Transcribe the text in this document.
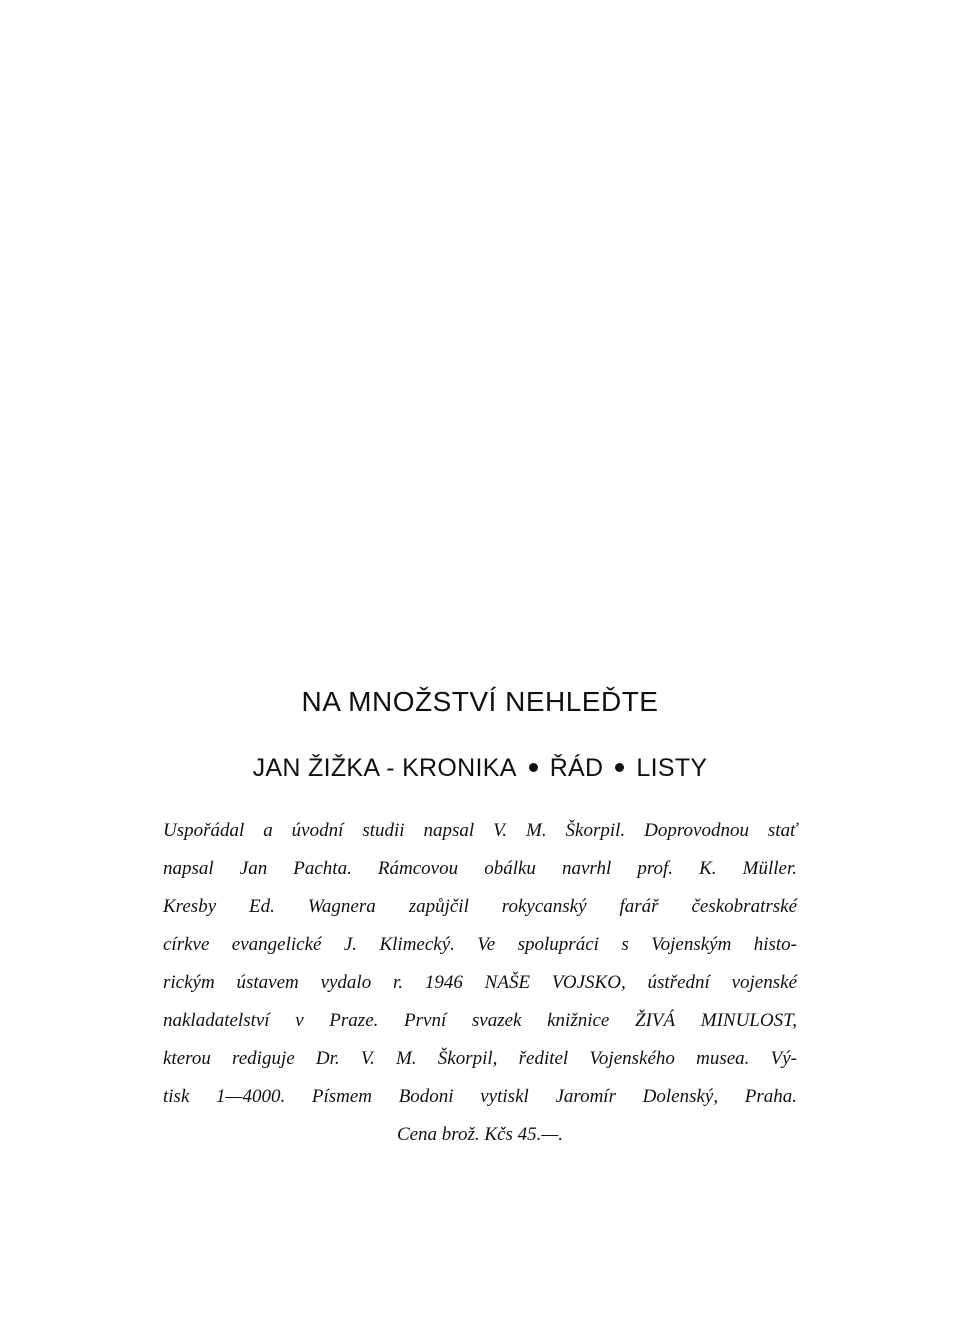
NA MNOŽSTVÍ NEHLEĎTE
JAN ŽIŽKA - KRONIKA ŘÁD LISTY
Uspořádal a úvodní studii napsal V. M. Škorpil. Doprovodnou stať
napsal Jan Pachta. Rámcovou obálku navrhl prof. K. Müller.
Kresby Ed. Wagnera zapůjčil rokycanský farář českobratrské
církve evangelické J. Klimecký. Ve spolupráci s Vojenským histo-
rickým ústavem vydalo r. 1946 NAŠE VOJSKO, ústřední vojenské
nakladatelství v Praze. První svazek knižnice ŽIVÁ MINULOST,
kterou rediguje Dr. V. M. Škorpil, ředitel Vojenského musea. Vý-
tisk 1—4000. Písmem Bodoni vytiskl Jaromír Dolenský, Praha.
Cena brož. Kčs 45.—.
